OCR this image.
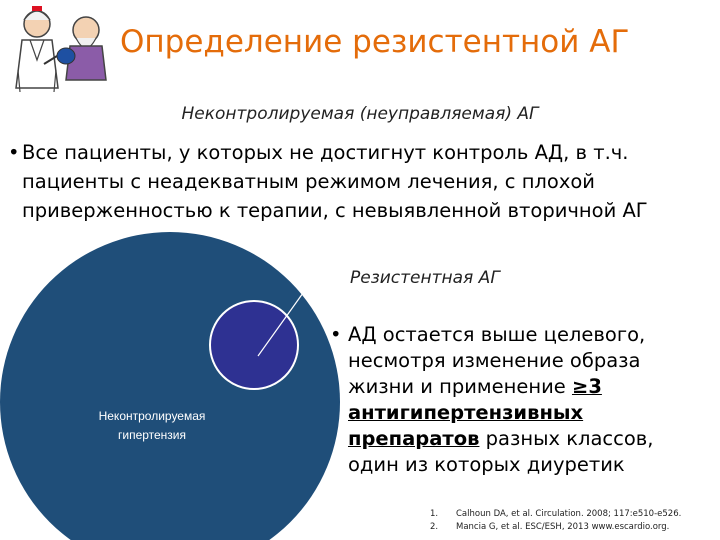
Определение резистентной АГ
Неконтролируемая (неуправляемая) АГ
• Все пациенты, у которых не достигнут контроль АД, в т.ч. пациенты с неадекватным режимом лечения, с плохой приверженностью к терапии, с невыявленной вторичной АГ
Неконтролируемая
гипертензия
Резистентная АГ
• АД остается выше целевого, несмотря изменение образа жизни и применение ≥3 антигипертензивных препаратов разных классов, один из которых диуретик
1. Calhoun DA, et al. Circulation. 2008; 117:e510-e526.
2. Mancia G, et al. ESC/ESH, 2013 www.escardio.org.
